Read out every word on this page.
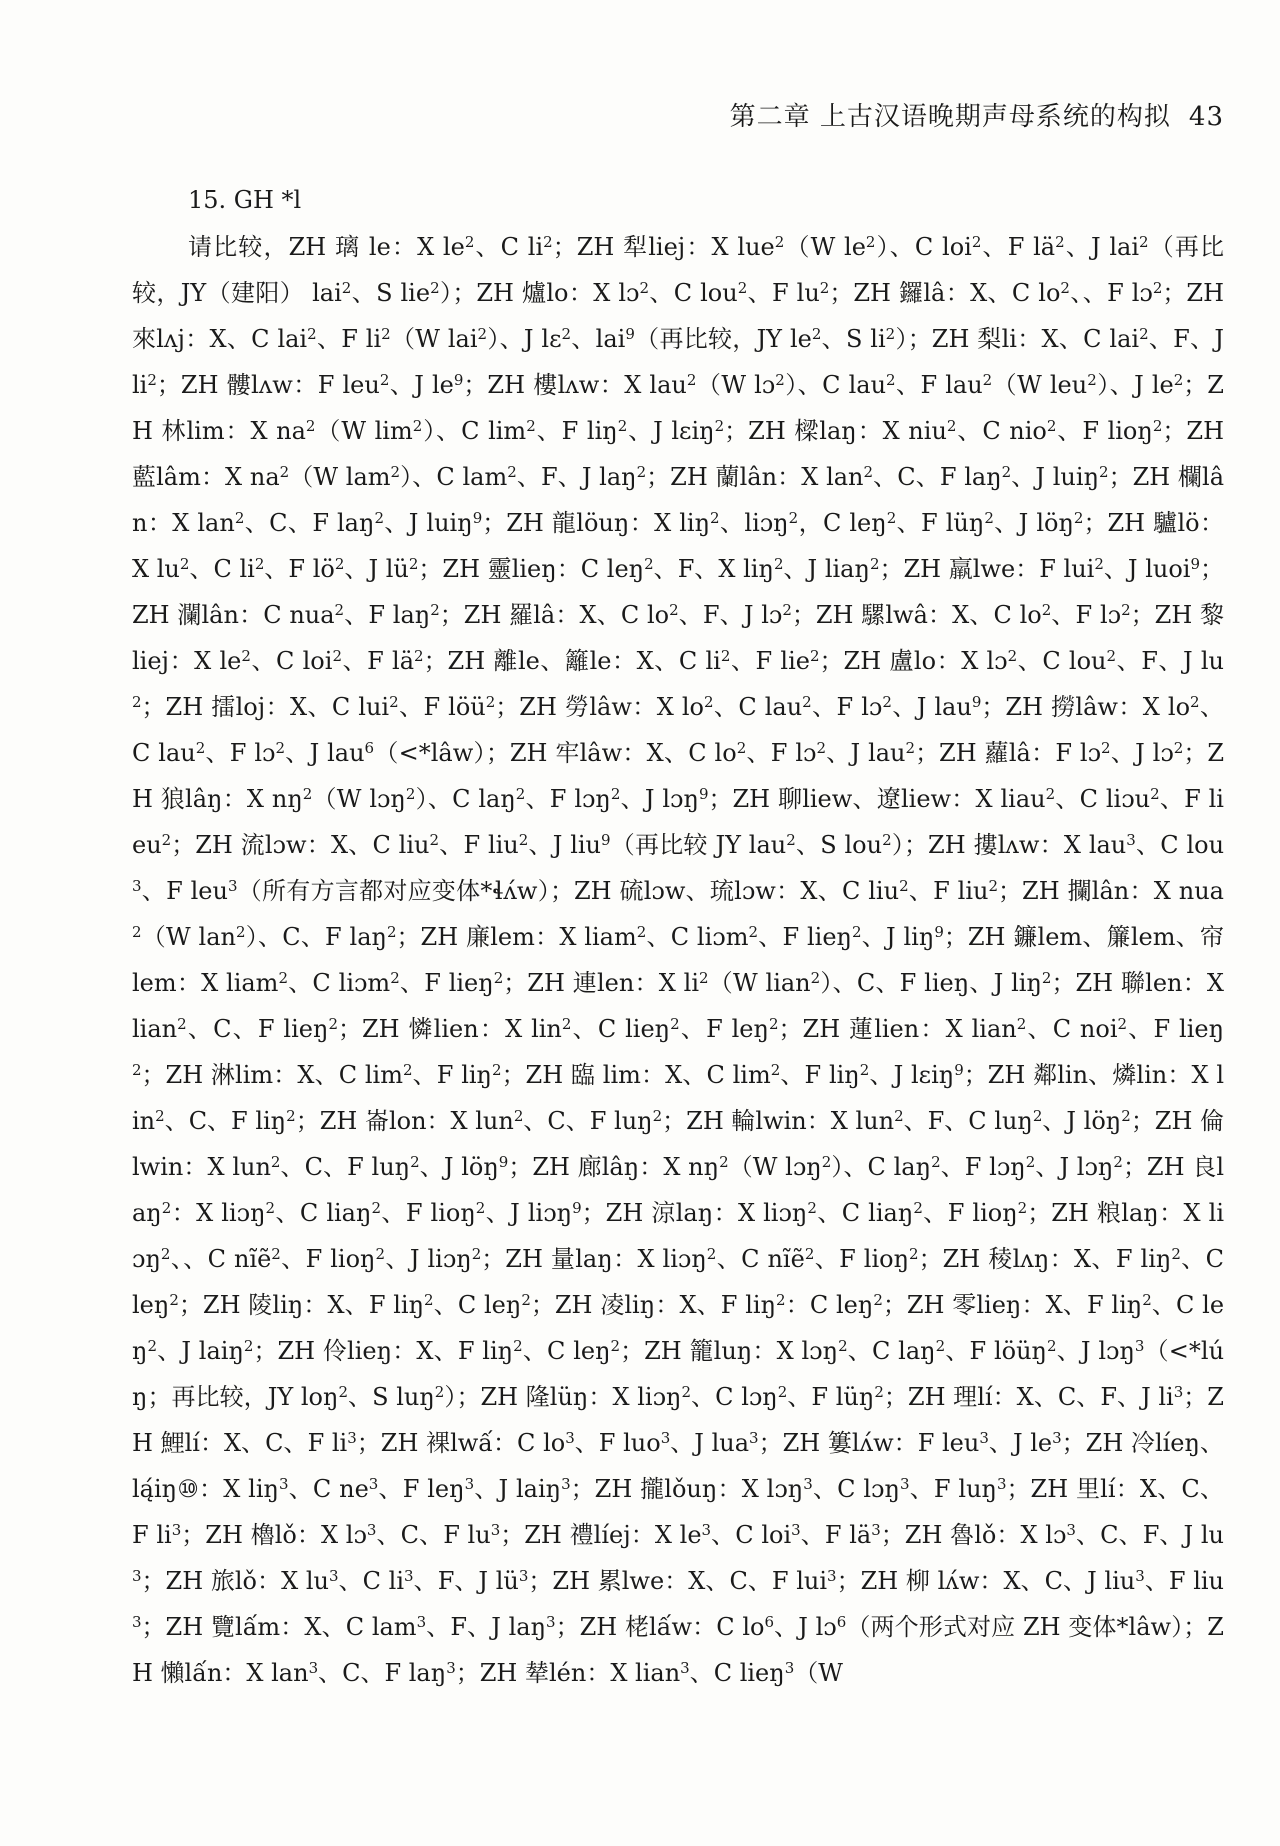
第二章 上古汉语晚期声母系统的构拟 43
15. GH *l
请比较，ZH 璃 le：X $le^2$、C $li^2$；ZH 犁liej：X lue$^2$（W $le^2$）、C loi$^2$、F $lä^2$、J lai$^2$（再比较，JY（建阳） lai$^2$、S lie$^2$）；ZH 爐lo：X lɔ$^2$、C lou$^2$、F $lu^2$；ZH 鑼lâ：X、C $lo^2$、、F lɔ$^2$；ZH 來lʌj：X、C lai$^2$、F $li^2(W$ lai$^2$）、J lɛ$^2$、lai$^9$（再比较，JY $le^2$、S $li^2$）；ZH 梨li：X、C lai$^2$、F、J $li^2$；ZH 髏lʌw：F leu$^2$、J $le^9$；ZH 樓lʌw：X lau$^2$（W lɔ$^2$）、C lau$^2$、F lau$^2$（W leu$^2$）、J $le^2$；ZH 林lim：X $na^2(W$ $\lim^2$）、C $\lim^2$、F liŋ$^2$、J lɛiŋ$^2$；ZH 樑laŋ：X niu$^2$、C nio$^2$、F lioŋ$^2$；ZH 藍lâm：X $na^2(W$ lam$^2$）、C lam$^2$、F、J laŋ$^2$；ZH 蘭lân：X lan$^2$、C、F laŋ$^2$、J luiŋ$^2$；ZH 欄lân：X lan$^2$、C、F laŋ$^2$、J luiŋ$^9$；ZH 龍löuŋ：X liŋ$^2$、liɔŋ$^2$，C leŋ$^2$、F lüŋ$^2$、J löŋ$^2$；ZH 驢lö：X $lu^2$、C $li^2$、F $lö^2$、J $lü^2$；ZH 靈lieŋ：C leŋ$^2$、F、X liŋ$^2$、J liaŋ$^2$；ZH 羸lwe：F lui$^2$、J luoi$^9$；ZH 瀾lân：C nua$^2$、F laŋ$^2$；ZH 羅lâ：X、C $lo^2$、F、J lɔ$^2$；ZH 騾lwâ：X、C $lo^2$、F lɔ$^2$；ZH 黎liej：X $le^2$、C loi$^2$、F $lä^2$；ZH 離le、籬le：X、C $li^2$、F lie$^2$；ZH 盧lo：X lɔ$^2$、C lou$^2$、F、J $lu^2$；ZH 擂loj：X、C lui$^2$、F löü$^2$；ZH 勞lâw：X $lo^2$、C lau$^2$、F lɔ$^2$、J lau$^9$；ZH 撈lâw：X $lo^2$、C lau$^2$、F lɔ$^2$、J lau$^6$（<*lâw）；ZH 牢lâw：X、C $lo^2$、F lɔ$^2$、J lau$^2$；ZH 蘿lâ：F lɔ$^2$、J lɔ$^2$；ZH 狼lâŋ：X $nŋ^2(W$ lɔŋ$^2$）、C laŋ$^2$、F lɔŋ$^2$、J lɔŋ$^9$；ZH 聊liew、遼liew：X liau$^2$、C liɔu$^2$、F lieu$^2$；ZH 流lɔw：X、C liu$^2$、F liu$^2$、J liu$^9$（再比较 JY lau$^2$、S lou$^2$）；ZH 摟lʌw：X lau$^3$、C lou$^3$、F leu$^3$（所有方言都对应变体*ɬʌ́w）；ZH 硫lɔw、琉lɔw：X、C liu$^2$、F liu$^2$；ZH 攔lân：X nua$^2$（W lan$^2$）、C、F laŋ$^2$；ZH 廉lem：X liam$^2$、C liɔm$^2$、F lieŋ$^2$、J liŋ$^9$；ZH 鐮lem、簾lem、帘lem：X liam$^2$、C liɔm$^2$、F lieŋ$^2$；ZH 連len：X $li^2(W$ lian$^2$）、C、F lieŋ、J liŋ$^2$；ZH 聯len：X lian$^2$、C、F lieŋ$^2$；ZH 憐lien：X lin$^2$、C lieŋ$^2$、F leŋ$^2$；ZH 蓮lien：X lian$^2$、C noi$^2$、F lieŋ$^2$；ZH 淋lim：X、C $\lim^2$、F liŋ$^2$；ZH 臨 lim：X、C $\lim^2$、F liŋ$^2$、J lɛiŋ$^9$；ZH 鄰lin、燐lin：X lin$^2$、C、F liŋ$^2$；ZH 崙lon：X lun$^2$、C、F luŋ$^2$；ZH 輪lwin：X lun$^2$、F、C luŋ$^2$、J löŋ$^2$；ZH 倫lwin：X lun$^2$、C、F luŋ$^2$、J löŋ$^9$；ZH 廊lâŋ：X $nŋ^2(W$ lɔŋ$^2$）、C laŋ$^2$、F lɔŋ$^2$、J lɔŋ$^2$；ZH 良laŋ$^2$：X liɔŋ$^2$、C liaŋ$^2$、F lioŋ$^2$、J liɔŋ$^9$；ZH 涼laŋ：X liɔŋ$^2$、C liaŋ$^2$、F lioŋ$^2$；ZH 粮laŋ：X liɔŋ$^2$、、C nĩẽ$^2$、F lioŋ$^2$、J liɔŋ$^2$；ZH 量laŋ：X liɔŋ$^2$、C nĩẽ$^2$、F lioŋ$^2$；ZH 稜lʌŋ：X、F liŋ$^2$、C leŋ$^2$；ZH 陵liŋ：X、F liŋ$^2$、C leŋ$^2$；ZH 凌liŋ：X、F liŋ$^2$：C leŋ$^2$；ZH 零lieŋ：X、F liŋ$^2$、C leŋ$^2$、J laiŋ$^2$；ZH 伶lieŋ：X、F liŋ$^2$、C leŋ$^2$；ZH 籠luŋ：X lɔŋ$^2$、C laŋ$^2$、F löüŋ$^2$、J lɔŋ$^3$（<*lúŋ；再比较，JY loŋ$^2$、S luŋ$^2$）；ZH 隆lüŋ：X liɔŋ$^2$、C lɔŋ$^2$、F lüŋ$^2$；ZH 理lí：X、C、F、J $li^3$；ZH 鯉lí：X、C、F $li^3$；ZH 裸lwấ：C $lo^3$、F luo$^3$、J lua$^3$；ZH 簍lʌ́w：F leu$^3$、J $le^3$；ZH 冷líeŋ、lą́iŋ⑩：X liŋ$^3$、C $ne^3$、F leŋ$^3$、J laiŋ$^3$；ZH 攏lǒuŋ：X lɔŋ$^3$、C lɔŋ$^3$、F luŋ$^3$；ZH 里lí：X、C、F $li^3$；ZH 櫓lǒ：X lɔ$^3$、C、F $lu^3$；ZH 禮líej：X $le^3$、C loi$^3$、F $lä^3$；ZH 魯lǒ：X lɔ$^3$、C、F、J $lu^3$；ZH 旅lǒ：X $lu^3$、C $li^3$、F、J $lü^3$；ZH 累lwe：X、C、F lui$^3$；ZH 柳 lʌ́w：X、C、J liu$^3$、F liu$^3$；ZH 覽lấm：X、C lam$^3$、F、J laŋ$^3$；ZH 栳lấw：C $lo^6$、J lɔ$^6$（两个形式对应 ZH 变体*lâw）；ZH 懶lấn：X lan$^3$、C、F laŋ$^3$；ZH 辇lén：X lian$^3$、C lieŋ$^3$（W
